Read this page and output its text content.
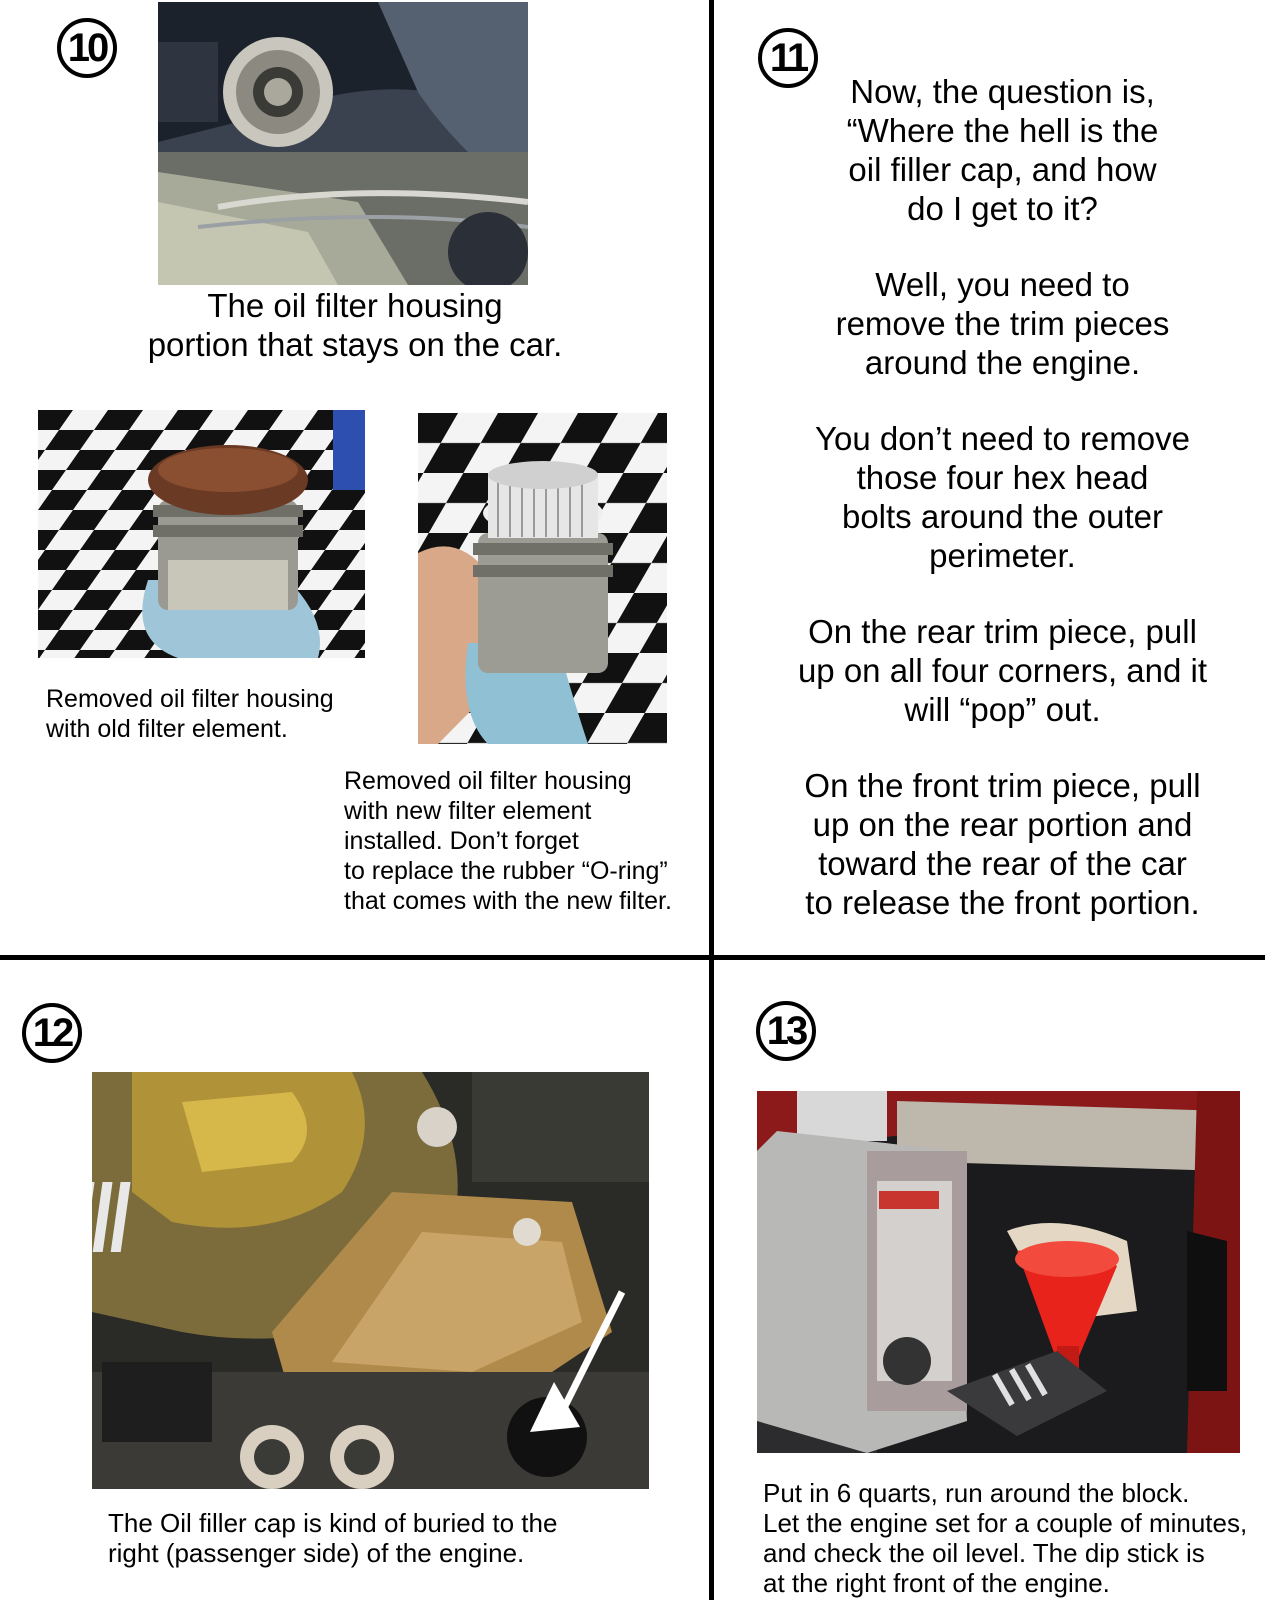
10
The oil filter housing
portion that stays on the car.
Removed oil filter housing
with old filter element.
Removed oil filter housing
with new filter element
installed. Don’t forget
to replace the rubber “O-ring”
that comes with the new filter.
11
Now, the question is,
“Where the hell is the
oil filler cap, and how
do I get to it?
Well, you need to
remove the trim pieces
around the engine.
You don’t need to remove
those four hex head
bolts around the outer
perimeter.
On the rear trim piece, pull
up on all four corners, and it
will “pop” out.
On the front trim piece, pull
up on the rear portion and
toward the rear of the car
to release the front portion.
12
The Oil filler cap is kind of buried to the
right (passenger side) of the engine.
13
Put in 6 quarts, run around the block.
Let the engine set for a couple of minutes,
and check the oil level. The dip stick is
at the right front of the engine.
